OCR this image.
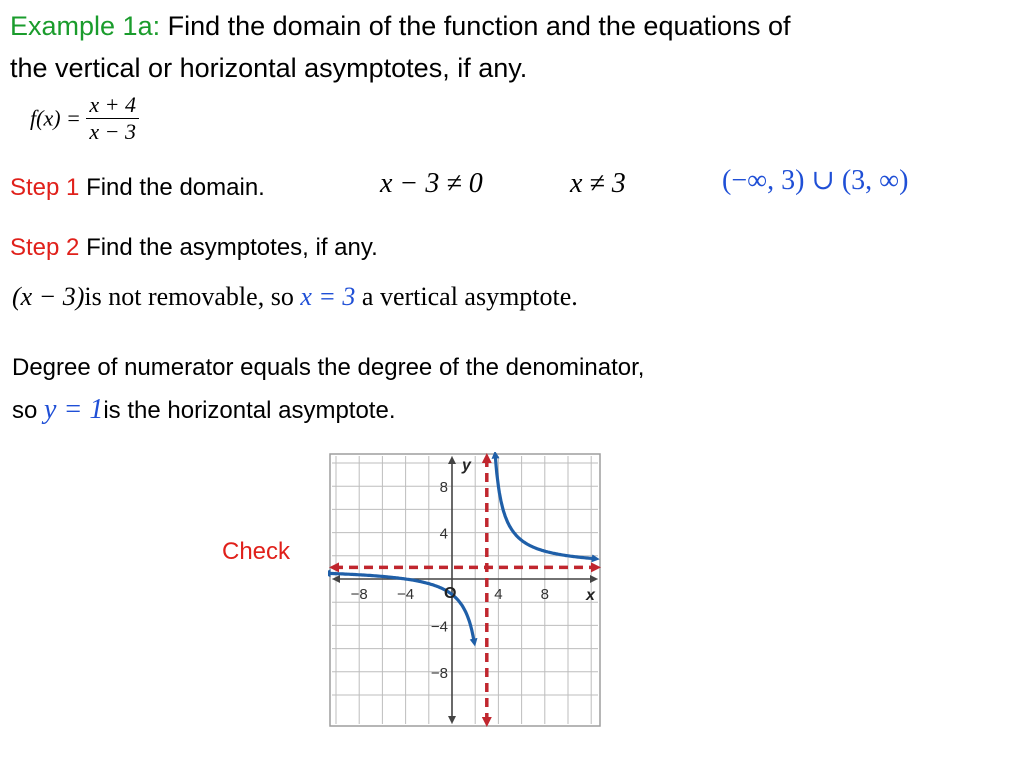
Example 1a: Find the domain of the function and the equations of
the vertical or horizontal asymptotes, if any.
$f(x) = \frac{x + 4}{x - 3}$
Step 1 Find the domain.	x − 3 ≠ 0	x ≠ 3	(−∞, 3) ∪ (3, ∞)
Step 2 Find the asymptotes, if any.
(x − 3)is not removable, so x = 3 a vertical asymptote.
Degree of numerator equals the degree of the denominator,
so y = 1is the horizontal asymptote.
Check
−8 −4	4	8
8
4
−4
−8
x
y
O
